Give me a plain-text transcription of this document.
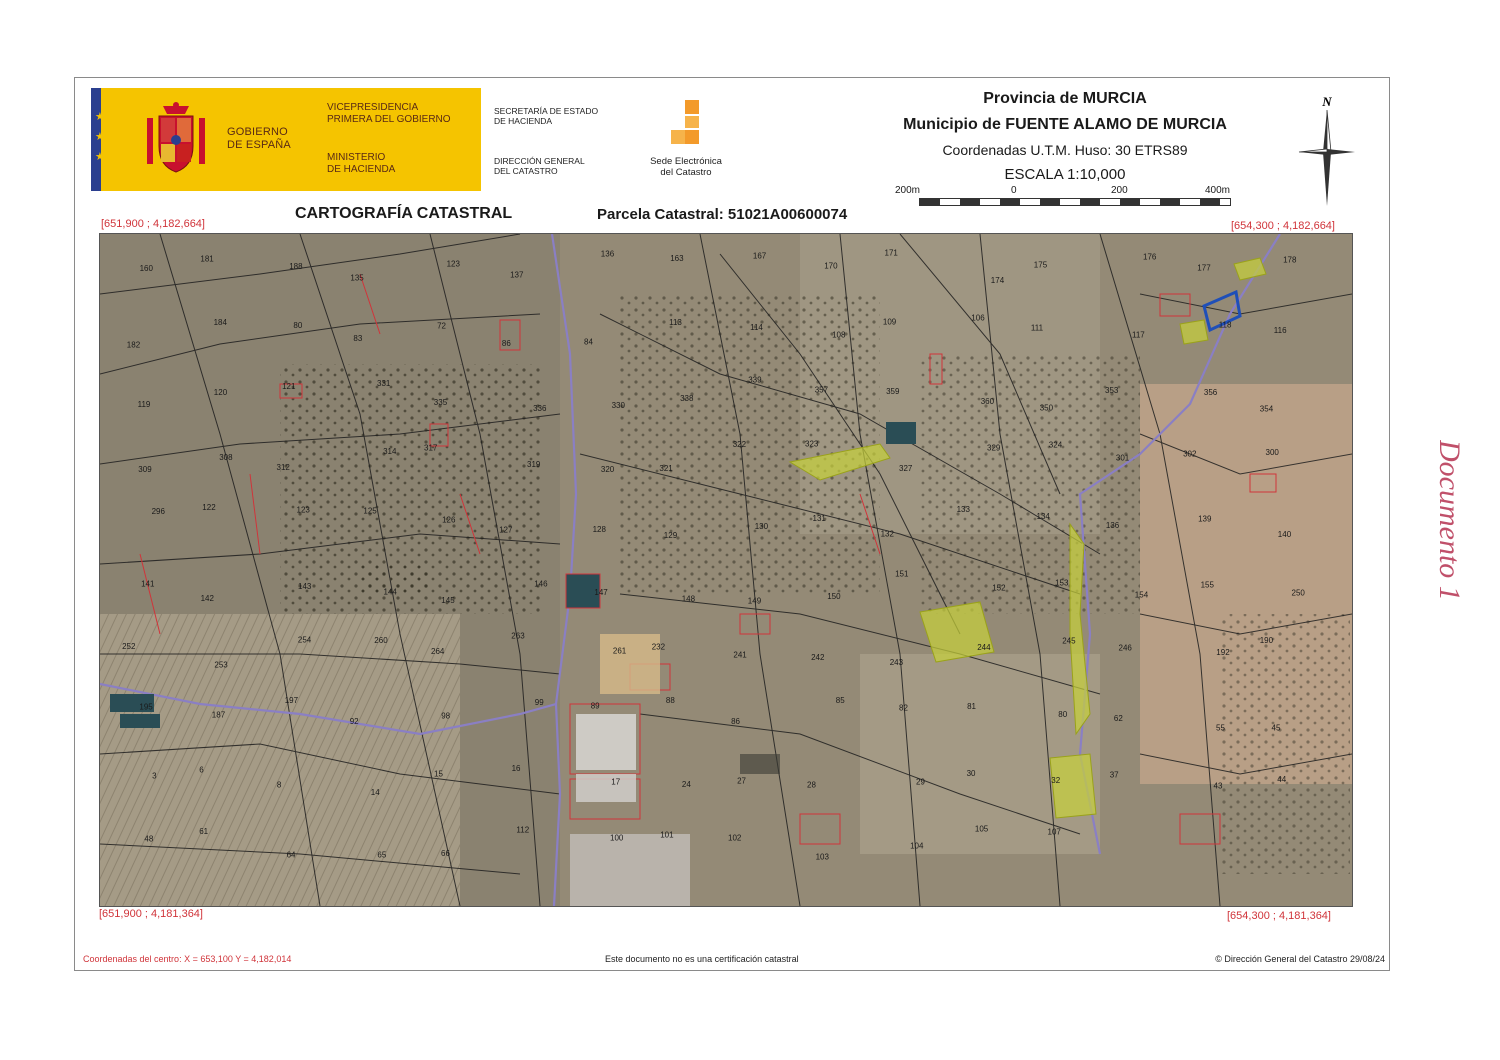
★
★
★
GOBIERNO
DE ESPAÑA
VICEPRESIDENCIA
PRIMERA DEL GOBIERNO
MINISTERIO
DE HACIENDA
SECRETARÍA DE ESTADO
DE HACIENDA
DIRECCIÓN GENERAL
DEL CATASTRO
Sede Electrónica
del Catastro
Provincia de MURCIA
Municipio de FUENTE ALAMO DE MURCIA
Coordenadas U.T.M. Huso: 30 ETRS89
ESCALA 1:10,000
200m	0	200	400m
N
CARTOGRAFÍA CATASTRAL	Parcela Catastral: 51021A00600074
[651,900 ; 4,182,664]	[654,300 ; 4,182,664]
[651,900 ; 4,181,364]	[654,300 ; 4,181,364]
160
181
188
135
123
137
136
163	167
170
171
174
175
176
177
178
182
184	80
83
72
86	84
113
114
108
109	106
111
117
118
116
119
120
121	331
335
336	330
338
339
357	359
360
350
353	356
354
309
308
312
314	317
319
320	321
322	323
327
329	324
301	302	300
296	122	123	125
126
127	128
129
130
131
132
133
134
136
139
140
141
142
143
144
145
146
147
148	149
150
151
152
153
154
155
250
252
253
254	260
264
263
261	232
241	242
243
244
245
246
192
190
195
187
197
92
98
99	89
88
86
85
82	81
80	62
55	45
3
6
8
14
15
16
17	24	27	28	29
30
32
37
43
44
48
61
64	65	66
112
100	101	102
103
104
105	107
Coordenadas del centro: X = 653,100 Y = 4,182,014	Este documento no es una certificación catastral	© Dirección General del Catastro 29/08/24
Documento 1
